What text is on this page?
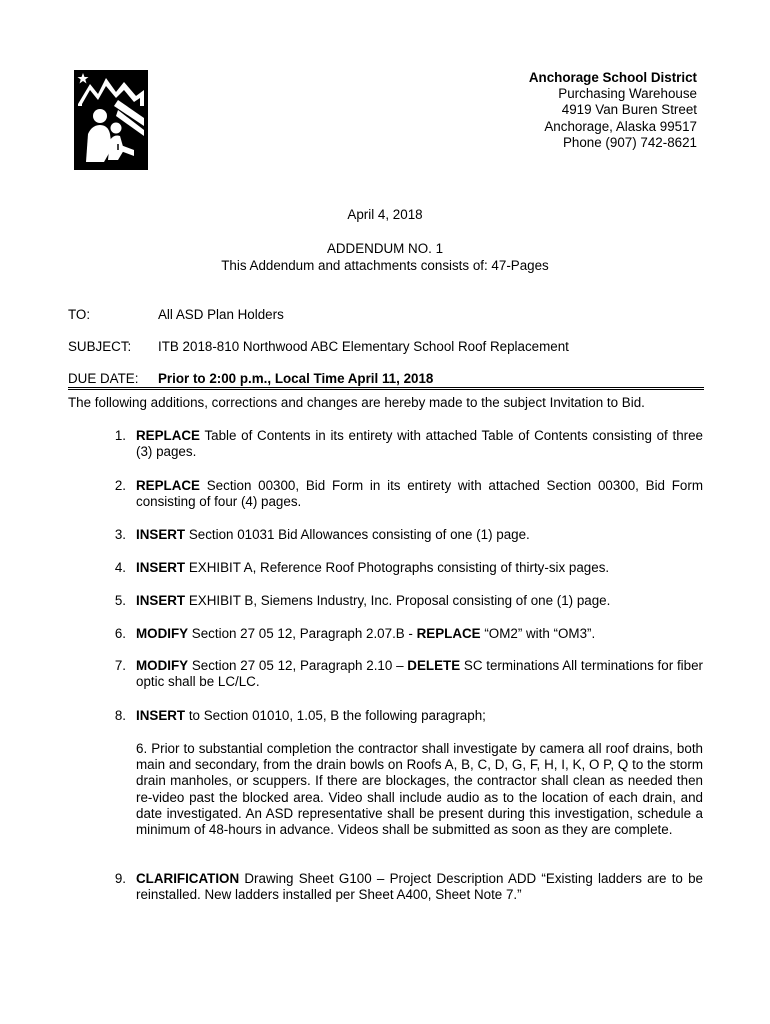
Anchorage School District
Purchasing Warehouse
4919 Van Buren Street
Anchorage, Alaska 99517
Phone (907) 742-8621
April 4, 2018
ADDENDUM NO. 1
This Addendum and attachments consists of: 47-Pages
TO:	All ASD Plan Holders
SUBJECT: ITB 2018-810 Northwood ABC Elementary School Roof Replacement
DUE DATE: Prior to 2:00 p.m., Local Time April 11, 2018
The following additions, corrections and changes are hereby made to the subject Invitation to Bid.
1. REPLACE Table of Contents in its entirety with attached Table of Contents consisting of three (3) pages.
2. REPLACE Section 00300, Bid Form in its entirety with attached Section 00300, Bid Form consisting of four (4) pages.
3. INSERT Section 01031 Bid Allowances consisting of one (1) page.
4. INSERT EXHIBIT A, Reference Roof Photographs consisting of thirty-six pages.
5. INSERT EXHIBIT B, Siemens Industry, Inc. Proposal consisting of one (1) page.
6. MODIFY Section 27 05 12, Paragraph 2.07.B - REPLACE “OM2” with “OM3”.
7. MODIFY Section 27 05 12, Paragraph 2.10 – DELETE SC terminations All terminations for fiber optic shall be LC/LC.
8. INSERT to Section 01010, 1.05, B the following paragraph;
9. CLARIFICATION Drawing Sheet G100 – Project Description ADD “Existing ladders are to be reinstalled. New ladders installed per Sheet A400, Sheet Note 7.”
6. Prior to substantial completion the contractor shall investigate by camera all roof drains, both main and secondary, from the drain bowls on Roofs A, B, C, D, G, F, H, I, K, O P, Q to the storm drain manholes, or scuppers. If there are blockages, the contractor shall clean as needed then re-video past the blocked area. Video shall include audio as to the location of each drain, and date investigated. An ASD representative shall be present during this investigation, schedule a minimum of 48-hours in advance. Videos shall be submitted as soon as they are complete.
